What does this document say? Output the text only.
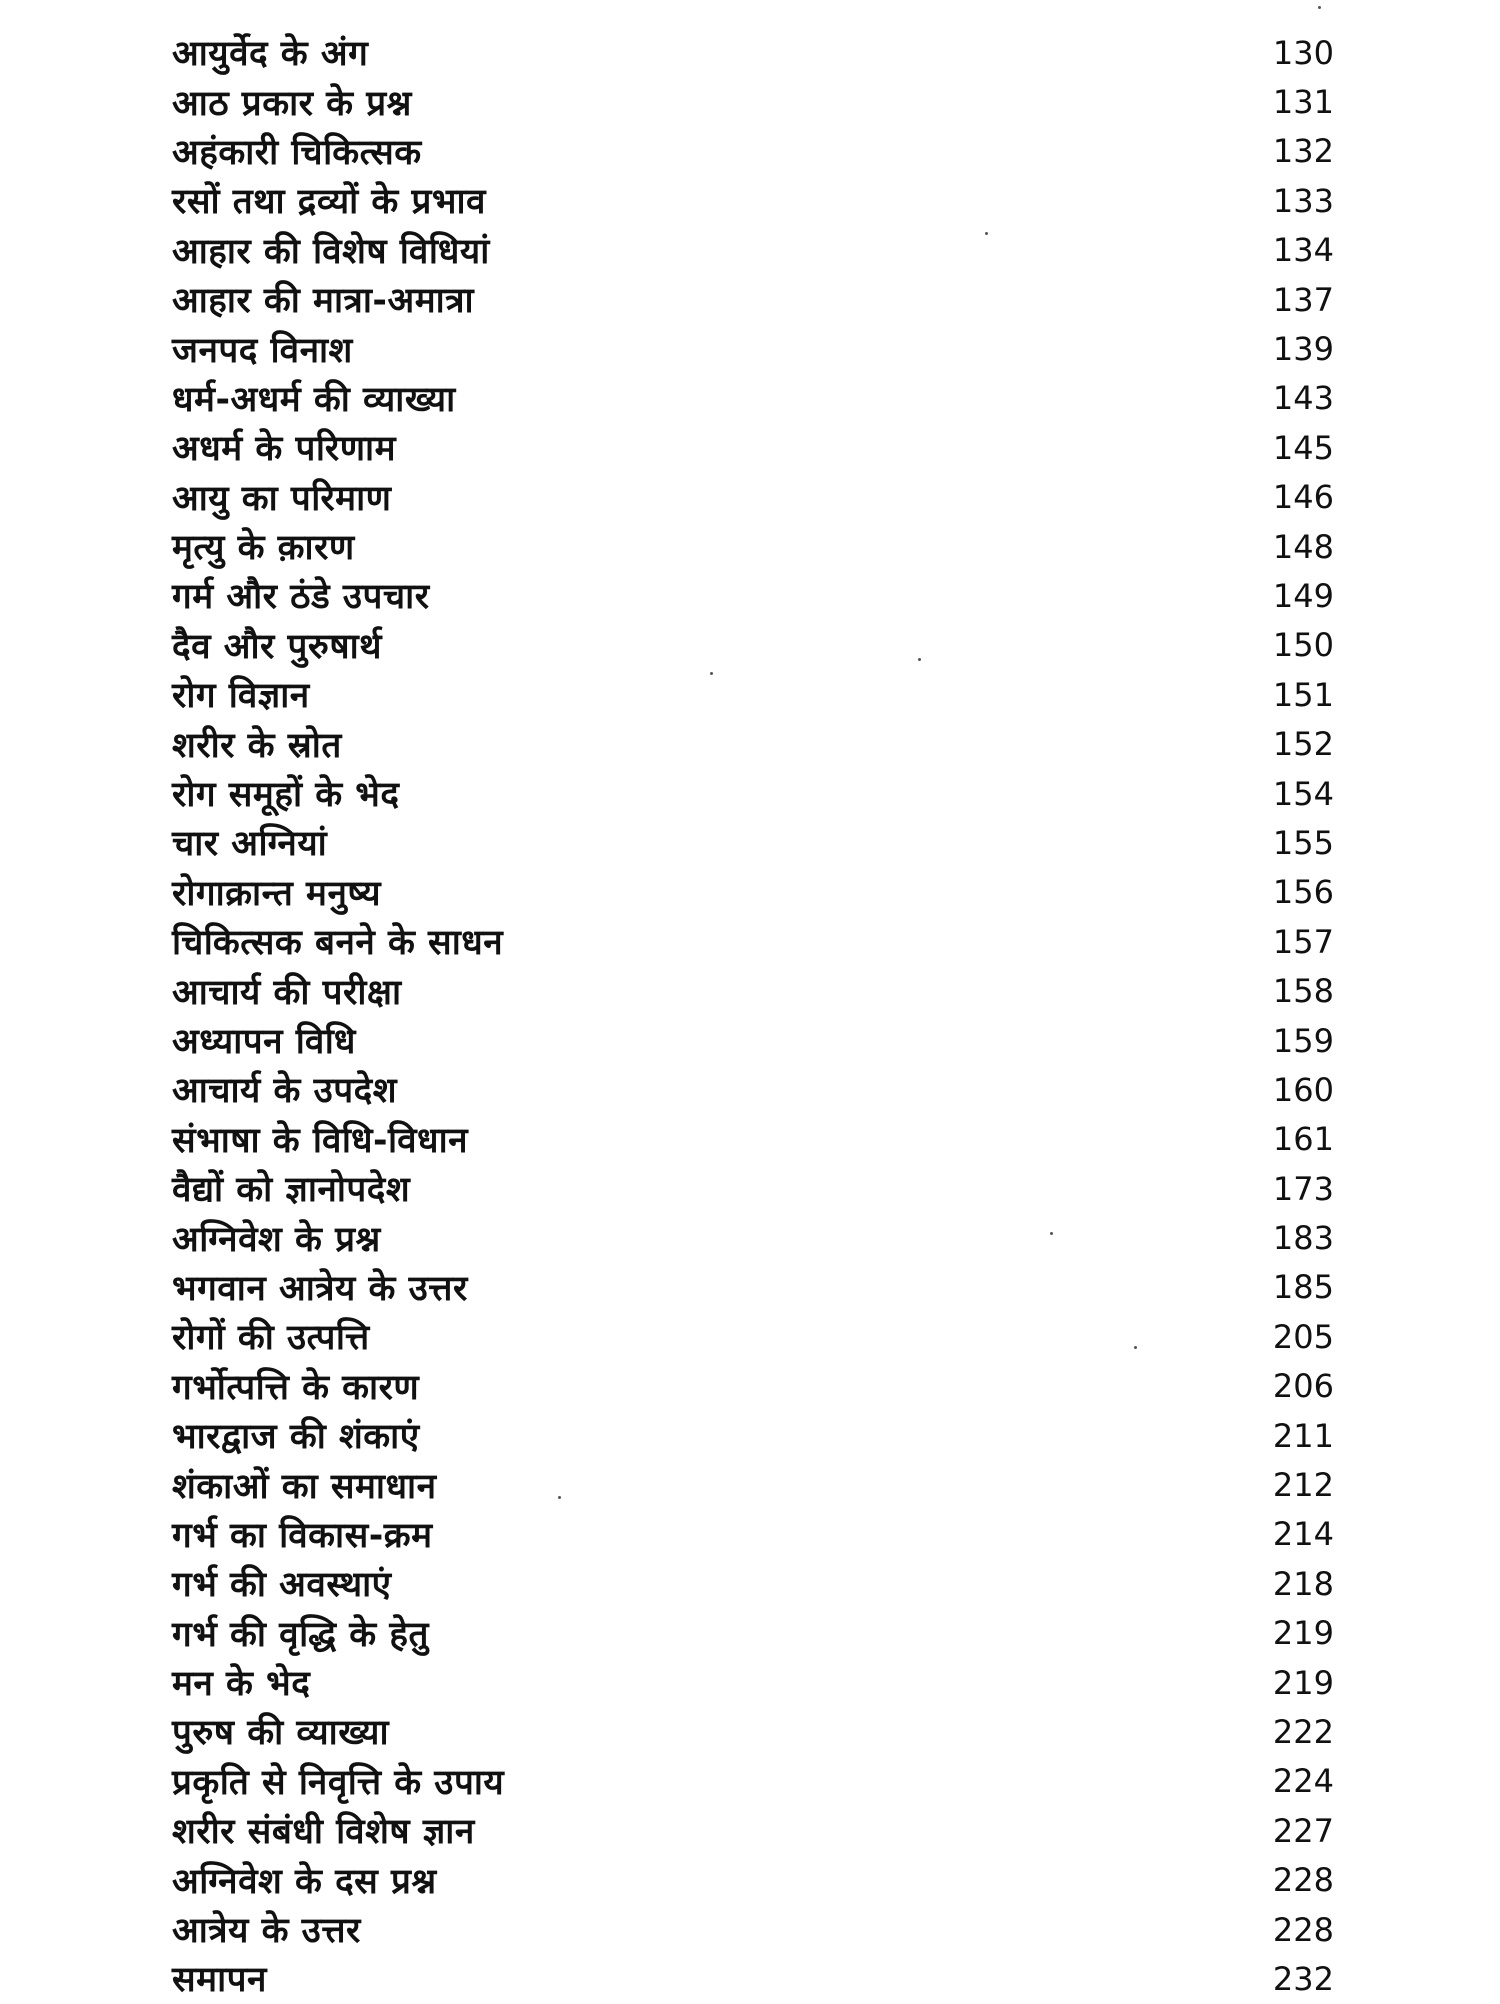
आयुर्वेद के अंग	130
आठ प्रकार के प्रश्न	131
अहंकारी चिकित्सक	132
रसों तथा द्रव्यों के प्रभाव	133
आहार की विशेष विधियां	134
आहार की मात्रा-अमात्रा	137
जनपद विनाश	139
धर्म-अधर्म की व्याख्या	143
अधर्म के परिणाम	145
आयु का परिमाण	146
मृत्यु के क़ारण	148
गर्म और ठंडे उपचार	149
दैव और पुरुषार्थ	150
रोग विज्ञान	151
शरीर के स्रोत	152
रोग समूहों के भेद	154
चार अग्नियां	155
रोगाक्रान्त मनुष्य	156
चिकित्सक बनने के साधन	157
आचार्य की परीक्षा	158
अध्यापन विधि	159
आचार्य के उपदेश	160
संभाषा के विधि-विधान	161
वैद्यों को ज्ञानोपदेश	173
अग्निवेश के प्रश्न	183
भगवान आत्रेय के उत्तर	185
रोगों की उत्पत्ति	205
गर्भोत्पत्ति के कारण	206
भारद्वाज की शंकाएं	211
शंकाओं का समाधान	212
गर्भ का विकास-क्रम	214
गर्भ की अवस्थाएं	218
गर्भ की वृद्धि के हेतु	219
मन के भेद	219
पुरुष की व्याख्या	222
प्रकृति से निवृत्ति के उपाय	224
शरीर संबंधी विशेष ज्ञान	227
अग्निवेश के दस प्रश्न	228
आत्रेय के उत्तर	228
समापन	232
